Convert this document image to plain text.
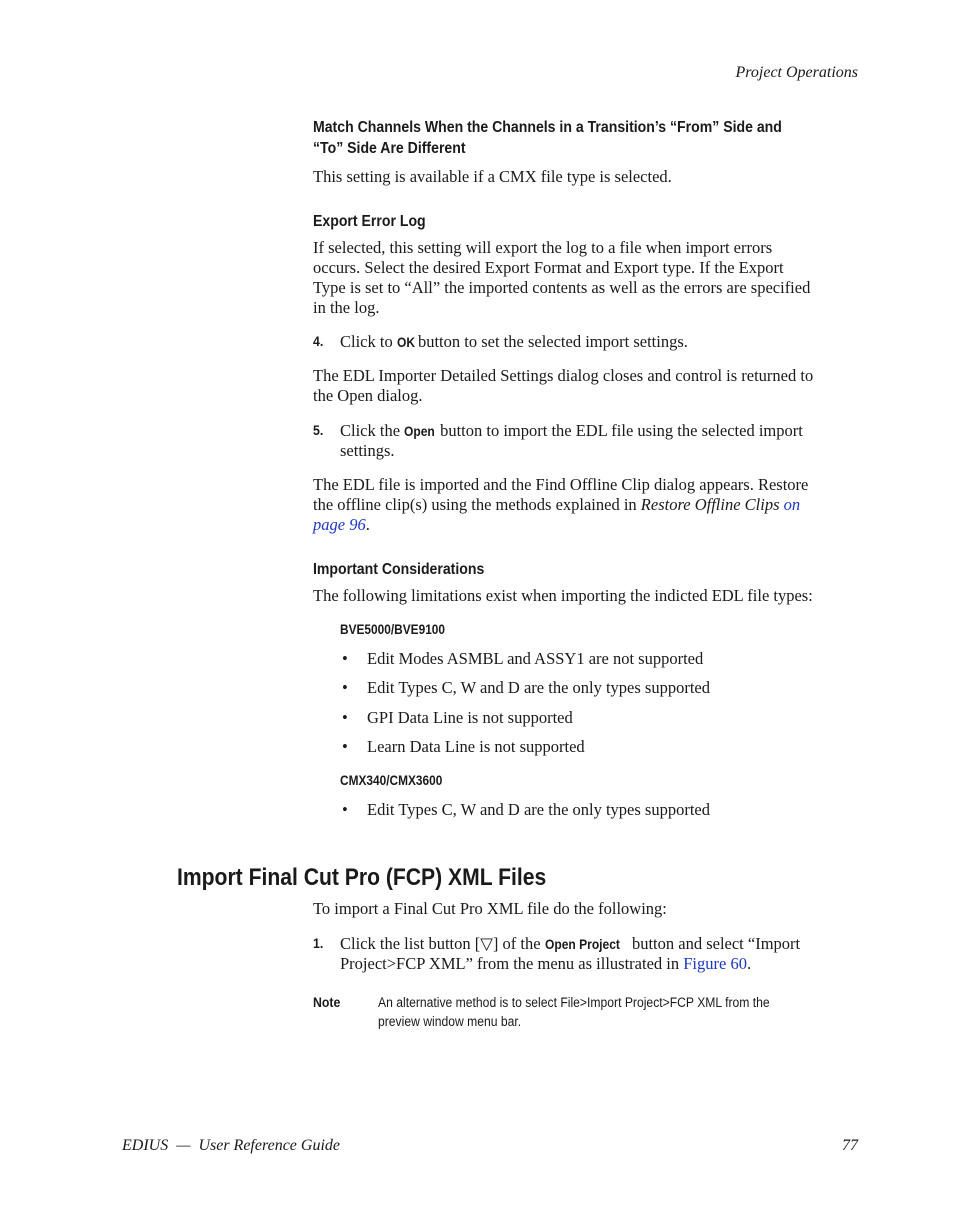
Project Operations
Match Channels When the Channels in a Transition’s “From” Side and
“To” Side Are Different
This setting is available if a CMX file type is selected.
Export Error Log
If selected, this setting will export the log to a file when import errors
occurs. Select the desired Export Format and Export type. If the Export
Type is set to “All” the imported contents as well as the errors are specified
in the log.
4. Click to OK button to set the selected import settings.
The EDL Importer Detailed Settings dialog closes and control is returned to
the Open dialog.
5. Click the Open button to import the EDL file using the selected import
settings.
The EDL file is imported and the Find Offline Clip dialog appears. Restore
the offline clip(s) using the methods explained in Restore Offline Clips on
page 96.
Important Considerations
The following limitations exist when importing the indicted EDL file types:
BVE5000/BVE9100
• Edit Modes ASMBL and ASSY1 are not supported
• Edit Types C, W and D are the only types supported
• GPI Data Line is not supported
• Learn Data Line is not supported
CMX340/CMX3600
• Edit Types C, W and D are the only types supported
Import Final Cut Pro (FCP) XML Files
To import a Final Cut Pro XML file do the following:
1. Click the list button [▽] of the Open Project button and select “Import
Project>FCP XML” from the menu as illustrated in Figure 60.
Note	An alternative method is to select File>Import Project>FCP XML from the
preview window menu bar.
EDIUS  —  User Reference Guide	77
